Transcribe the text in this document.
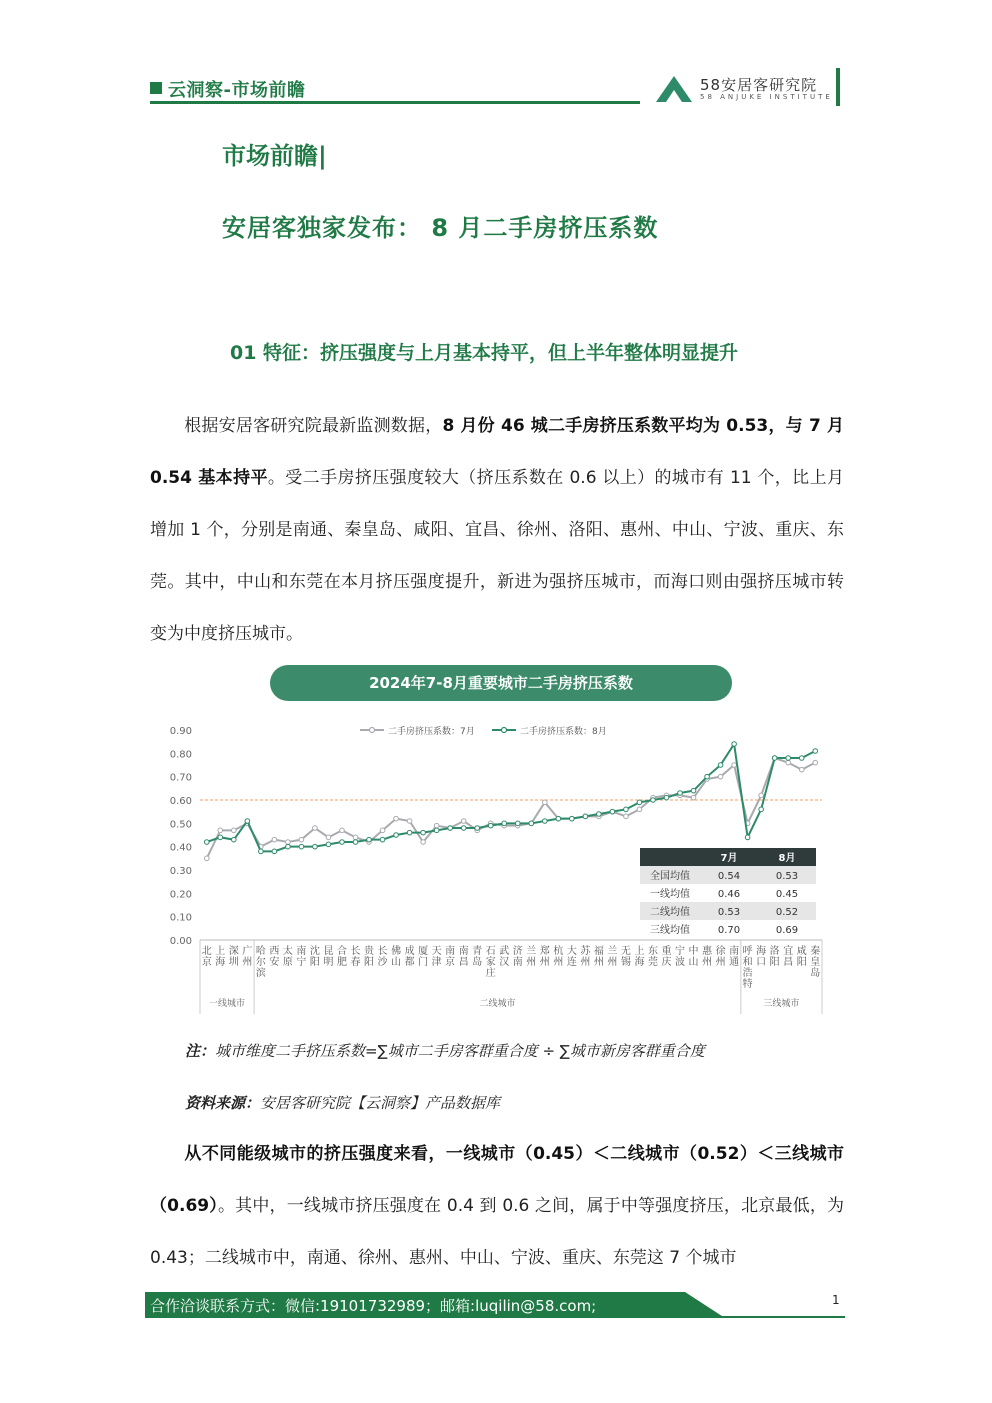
云洞察-市场前瞻	58安居客研究院
58 ANJUKE INSTITUTE
市场前瞻|
安居客独家发布： 8 月二手房挤压系数
01 特征：挤压强度与上月基本持平，但上半年整体明显提升
根据安居客研究院最新监测数据，8 月份 46 城二手房挤压系数平均为 0.53，与 7 月 0.54 基本持平。受二手房挤压强度较大（挤压系数在 0.6 以上）的城市有 11 个，比上月增加 1 个，分别是南通、秦皇岛、咸阳、宜昌、徐州、洛阳、惠州、中山、宁波、重庆、东莞。其中，中山和东莞在本月挤压强度提升，新进为强挤压城市，而海口则由强挤压城市转变为中度挤压城市。
2024年7-8月重要城市二手房挤压系数
0.00
0.10
0.20
0.30
0.40
0.50
0.60
0.70
0.80
0.90	二手房挤压系数：7月	二手房挤压系数：8月
北京
上海
深圳
广州
哈尔滨
西安
太原
南宁
沈阳
昆明
合肥
长春
贵阳
长沙
佛山
成都
厦门
天津
南京
南昌
青岛
石家庄
武汉
济南
兰州
郑州
杭州
大连
苏州
福州
兰州
无锡
上海
东莞
重庆
宁波
中山
惠州
徐州
南通
呼和浩特
海口
洛阳
宜昌
咸阳
秦皇岛
一线城市	二线城市	三线城市
7月	8月
全国均值	0.54	0.53
一线均值	0.46	0.45
二线均值	0.53	0.52
三线均值	0.70	0.69
注：城市维度二手挤压系数=∑城市二手房客群重合度 ÷ ∑城市新房客群重合度
资料来源：安居客研究院【云洞察】产品数据库
从不同能级城市的挤压强度来看，一线城市（0.45）＜二线城市（0.52）＜三线城市（0.69）。其中，一线城市挤压强度在 0.4 到 0.6 之间，属于中等强度挤压，北京最低，为 0.43；二线城市中，南通、徐州、惠州、中山、宁波、重庆、东莞这 7 个城市
合作洽谈联系方式：微信:19101732989；邮箱:luqilin@58.com;	1
